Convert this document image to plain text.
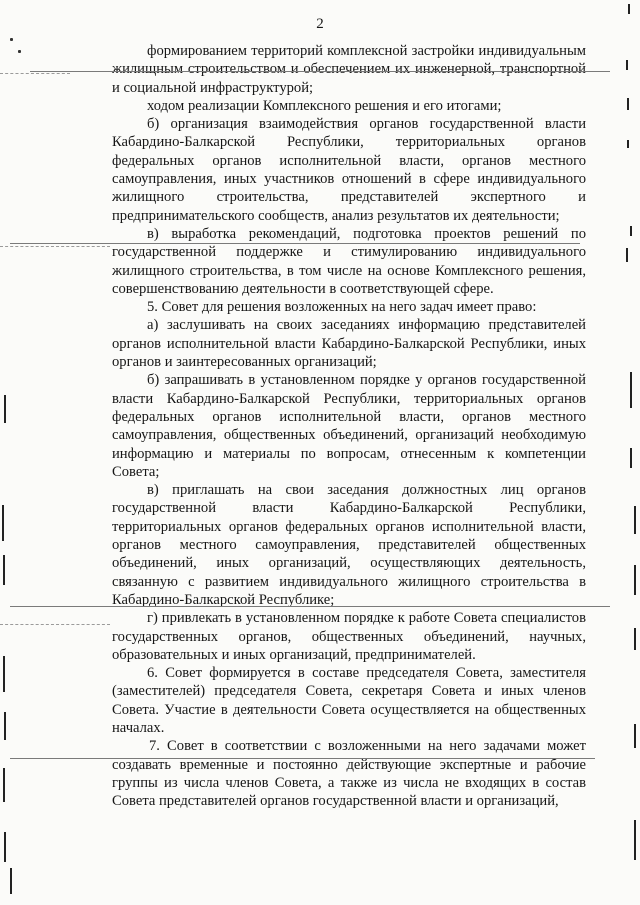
2

формированием территорий комплексной застройки индивидуальным жилищным строительством и обеспечением их инженерной, транспортной и социальной инфраструктурой;

ходом реализации Комплексного решения и его итогами;

б) организация взаимодействия органов государственной власти Кабардино-Балкарской Республики, территориальных органов федеральных органов исполнительной власти, органов местного самоуправления, иных участников отношений в сфере индивидуального жилищного строительства, представителей экспертного и предпринимательского сообществ, анализ результатов их деятельности;

в) выработка рекомендаций, подготовка проектов решений по государственной поддержке и стимулированию индивидуального жилищного строительства, в том числе на основе Комплексного решения, совершенствованию деятельности в соответствующей сфере.

5. Совет для решения возложенных на него задач имеет право:

а) заслушивать на своих заседаниях информацию представителей органов исполнительной власти Кабардино-Балкарской Республики, иных органов и заинтересованных организаций;

б) запрашивать в установленном порядке у органов государственной власти Кабардино-Балкарской Республики, территориальных органов федеральных органов исполнительной власти, органов местного самоуправления, общественных объединений, организаций необходимую информацию и материалы по вопросам, отнесенным к компетенции Совета;

в) приглашать на свои заседания должностных лиц органов государственной власти Кабардино-Балкарской Республики, территориальных органов федеральных органов исполнительной власти, органов местного самоуправления, представителей общественных объединений, иных организаций, осуществляющих деятельность, связанную с развитием индивидуального жилищного строительства в Кабардино-Балкарской Республике;

г) привлекать в установленном порядке к работе Совета специалистов государственных органов, общественных объединений, научных, образовательных и иных организаций, предпринимателей.

6. Совет формируется в составе председателя Совета, заместителя (заместителей) председателя Совета, секретаря Совета и иных членов Совета. Участие в деятельности Совета осуществляется на общественных началах.

7. Совет в соответствии с возложенными на него задачами может создавать временные и постоянно действующие экспертные и рабочие группы из числа членов Совета, а также из числа не входящих в состав Совета представителей органов государственной власти и организаций,
